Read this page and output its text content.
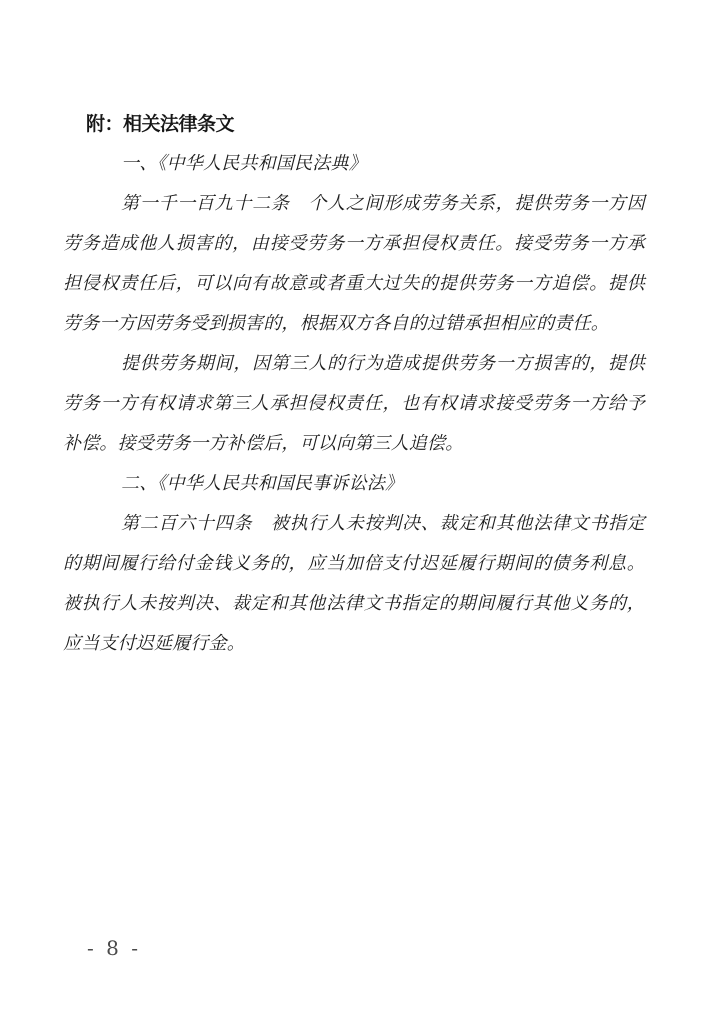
附：相关法律条文

一、《中华人民共和国民法典》

第一千一百九十二条　个人之间形成劳务关系，提供劳务一方因劳务造成他人损害的，由接受劳务一方承担侵权责任。接受劳务一方承担侵权责任后，可以向有故意或者重大过失的提供劳务一方追偿。提供劳务一方因劳务受到损害的，根据双方各自的过错承担相应的责任。

提供劳务期间，因第三人的行为造成提供劳务一方损害的，提供劳务一方有权请求第三人承担侵权责任，也有权请求接受劳务一方给予补偿。接受劳务一方补偿后，可以向第三人追偿。

二、《中华人民共和国民事诉讼法》

第二百六十四条　被执行人未按判决、裁定和其他法律文书指定的期间履行给付金钱义务的，应当加倍支付迟延履行期间的债务利息。被执行人未按判决、裁定和其他法律文书指定的期间履行其他义务的，应当支付迟延履行金。

- 8 -
